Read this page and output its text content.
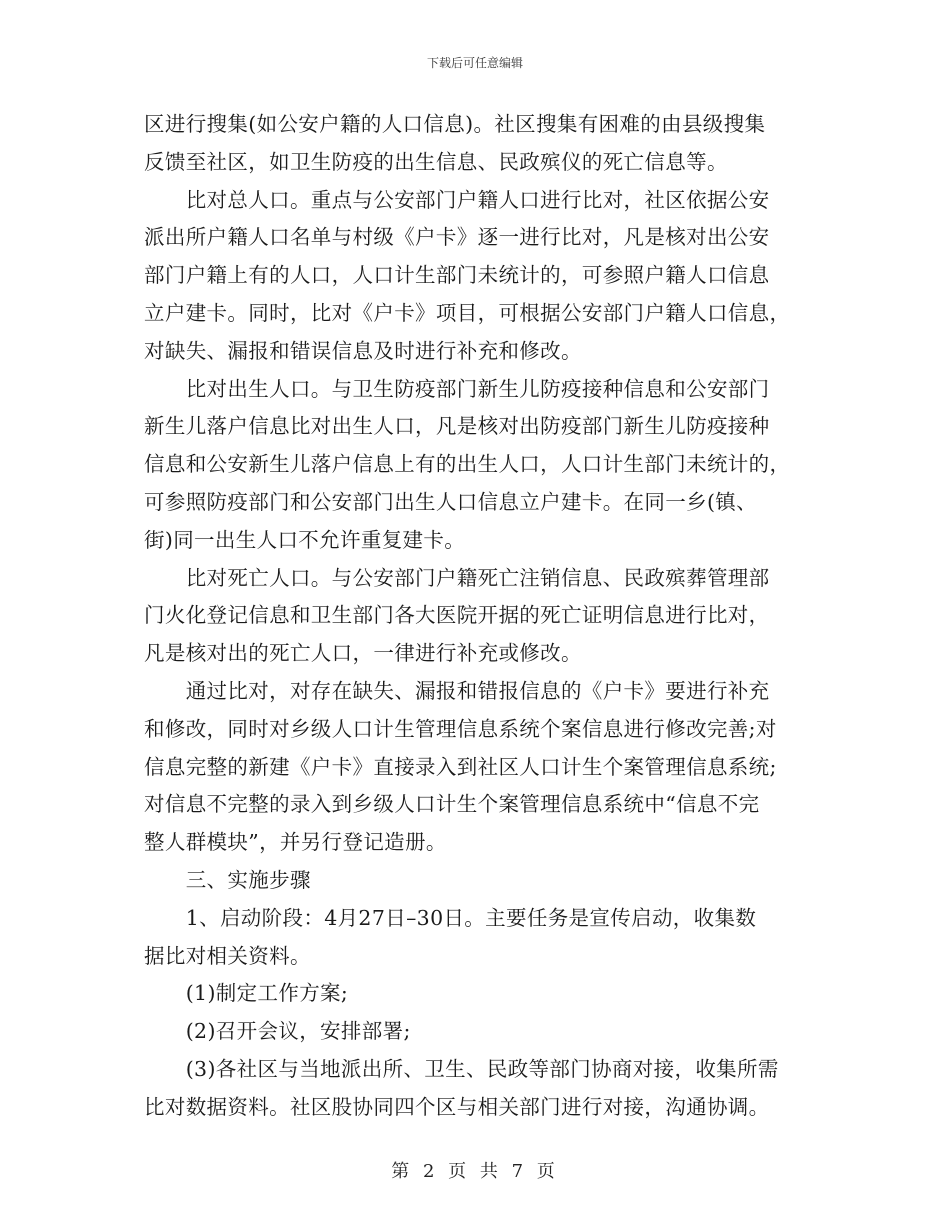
下载后可任意编辑
区进行搜集(如公安户籍的人口信息)。社区搜集有困难的由县级搜集
反馈至社区，如卫生防疫的出生信息、民政殡仪的死亡信息等。
　　比对总人口。重点与公安部门户籍人口进行比对，社区依据公安
派出所户籍人口名单与村级《户卡》逐一进行比对，凡是核对出公安
部门户籍上有的人口，人口计生部门未统计的，可参照户籍人口信息
立户建卡。同时，比对《户卡》项目，可根据公安部门户籍人口信息，
对缺失、漏报和错误信息及时进行补充和修改。
　　比对出生人口。与卫生防疫部门新生儿防疫接种信息和公安部门
新生儿落户信息比对出生人口，凡是核对出防疫部门新生儿防疫接种
信息和公安新生儿落户信息上有的出生人口，人口计生部门未统计的，
可参照防疫部门和公安部门出生人口信息立户建卡。在同一乡(镇、
街)同一出生人口不允许重复建卡。
　　比对死亡人口。与公安部门户籍死亡注销信息、民政殡葬管理部
门火化登记信息和卫生部门各大医院开据的死亡证明信息进行比对，
凡是核对出的死亡人口，一律进行补充或修改。
　　通过比对，对存在缺失、漏报和错报信息的《户卡》要进行补充
和修改，同时对乡级人口计生管理信息系统个案信息进行修改完善;对
信息完整的新建《户卡》直接录入到社区人口计生个案管理信息系统;
对信息不完整的录入到乡级人口计生个案管理信息系统中“信息不完
整人群模块”，并另行登记造册。
　　三、实施步骤
　　1、启动阶段：4月27日–30日。主要任务是宣传启动，收集数
据比对相关资料。
　　(1)制定工作方案;
　　(2)召开会议，安排部署;
　　(3)各社区与当地派出所、卫生、民政等部门协商对接，收集所需
比对数据资料。社区股协同四个区与相关部门进行对接，沟通协调。
第 2 页 共 7 页
